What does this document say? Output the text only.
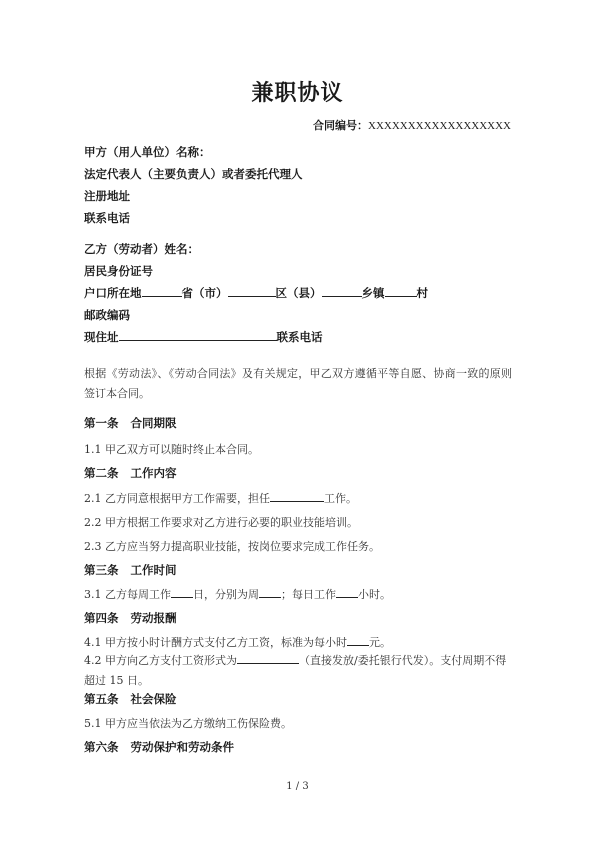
兼职协议
合同编号：XXXXXXXXXXXXXXXXXX
甲方（用人单位）名称：
法定代表人（主要负责人）或者委托代理人
注册地址
联系电话
乙方（劳动者）姓名：
居民身份证号
户口所在地	省（市）	区（县）	乡镇	村
邮政编码
现住址	联系电话
根据《劳动法》、《劳动合同法》及有关规定，甲乙双方遵循平等自愿、协商一致的原则签订本合同。
第一条 合同期限
1.1 甲乙双方可以随时终止本合同。
第二条 工作内容
2.1 乙方同意根据甲方工作需要，担任	工作。
2.2 甲方根据工作要求对乙方进行必要的职业技能培训。
2.3 乙方应当努力提高职业技能，按岗位要求完成工作任务。
第三条 工作时间
3.1 乙方每周工作 日，分别为周 ；每日工作 小时。
第四条 劳动报酬
4.1 甲方按小时计酬方式支付乙方工资，标准为每小时 元。
4.2 甲方向乙方支付工资形式为	（直接发放/委托银行代发）。支付周期不得超过 15 日。
第五条 社会保险
5.1 甲方应当依法为乙方缴纳工伤保险费。
第六条 劳动保护和劳动条件
1 / 3
